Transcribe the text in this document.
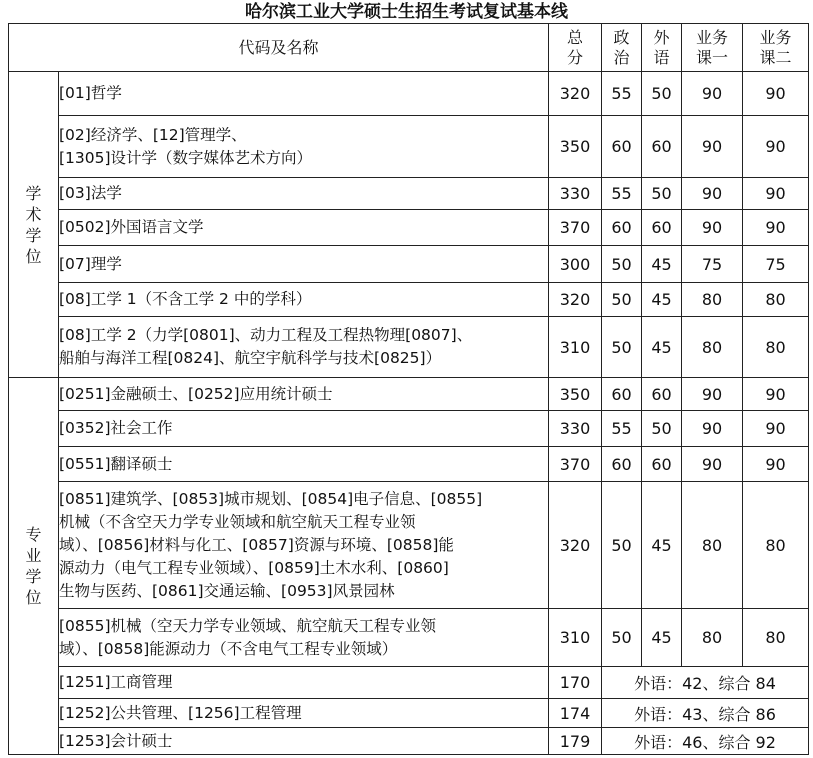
哈尔滨工业大学硕士生招生考试复试基本线
代码及名称		总分	政治	外语	业务课一	业务课二

学术学位	[01]哲学	320	55	50	90	90
	[02]经济学、[12]管理学、
[1305]设计学（数字媒体艺术方向）	350	60	60	90	90
	[03]法学	330	55	50	90	90
	[0502]外国语言文学	370	60	60	90	90
	[07]理学	300	50	45	75	75
	[08]工学 1（不含工学 2 中的学科）	320	50	45	80	80
	[08]工学 2（力学[0801]、动力工程及工程热物理[0807]、
船舶与海洋工程[0824]、航空宇航科学与技术[0825]）	310	50	45	80	80

专业学位	[0251]金融硕士、[0252]应用统计硕士	350	60	60	90	90
	[0352]社会工作	330	55	50	90	90
	[0551]翻译硕士	370	60	60	90	90
	[0851]建筑学、[0853]城市规划、[0854]电子信息、[0855]
机械（不含空天力学专业领域和航空航天工程专业领
域）、[0856]材料与化工、[0857]资源与环境、[0858]能
源动力（电气工程专业领域）、[0859]土木水利、[0860]
生物与医药、[0861]交通运输、[0953]风景园林	320	50	45	80	80
	[0855]机械（空天力学专业领域、航空航天工程专业领
域）、[0858]能源动力（不含电气工程专业领域）	310	50	45	80	80
	[1251]工商管理	170	外语：42、综合 84			
	[1252]公共管理、[1256]工程管理	174	外语：43、综合 86			
	[1253]会计硕士	179	外语：46、综合 92			
